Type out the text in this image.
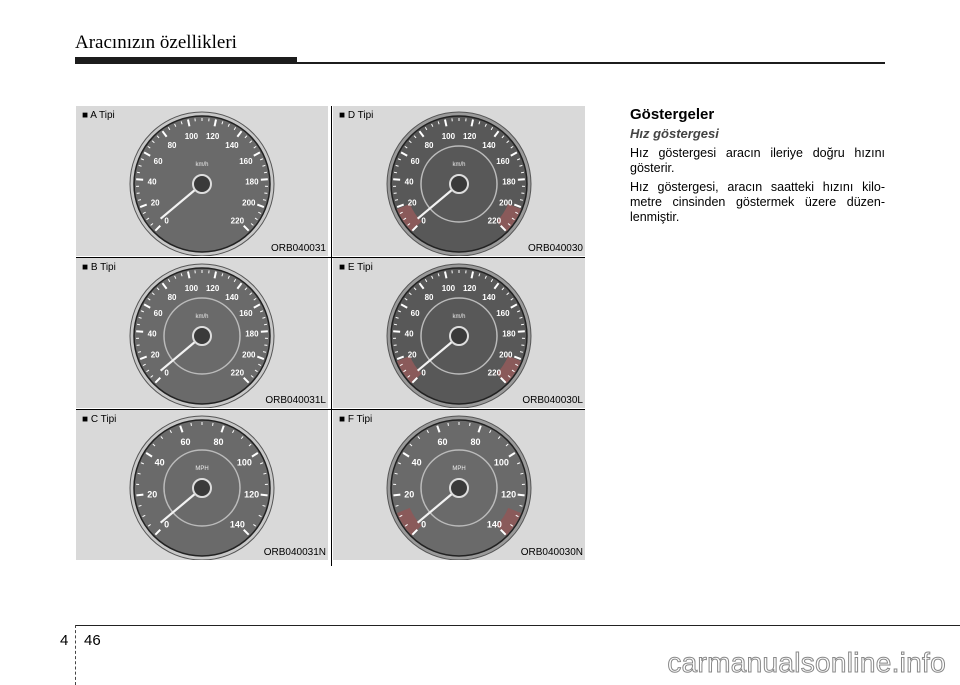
Aracınızın özellikleri
0
20
40
60
80
100 120
140
160
180
200
220
km/h
■ A Tipi
ORB040031
0
20
40
60
80
100 120
140
160
180
200
220
km/h
■ D Tipi
ORB040030
0
20
40
60
80
100 120
140
160
180
200
220
km/h
■ B Tipi
ORB040031L
0
20
40
60
80
100 120
140
160
180
200
220
km/h
■ E Tipi
ORB040030L
0
20
40
60	80
100
120
140
MPH
■ C Tipi
ORB040031N
0
20
40
60	80
100
120
140
MPH
■ F Tipi
ORB040030N
Göstergeler
Hız göstergesi
Hız göstergesi aracın ileriye doğru hızını gösterir.
Hız göstergesi, aracın saatteki hızını kilo-metre cinsinden göstermek üzere düzen-lenmiştir.
4 46
carmanualsonline.info
